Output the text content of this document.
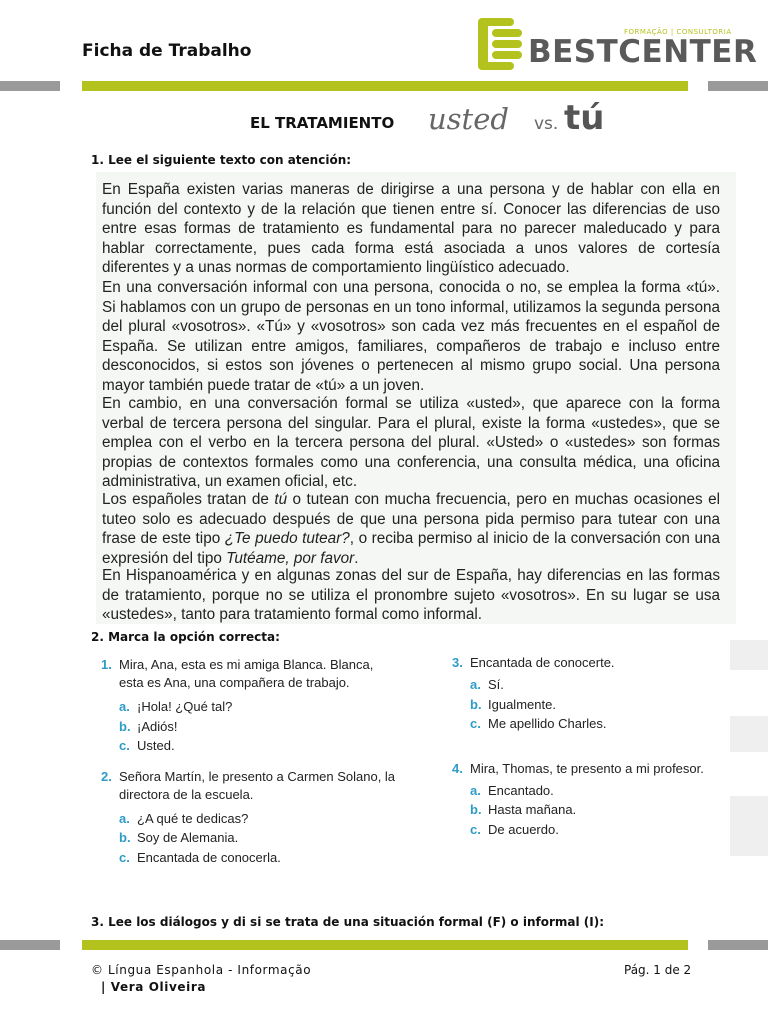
Ficha de Trabalho
FORMAÇÃO | CONSULTORIA
BESTCENTER
EL TRATAMIENTO usted vs. tú
1. Lee el siguiente texto con atención:

En España existen varias maneras de dirigirse a una persona y de hablar con ella en función del contexto y de la relación que tienen entre sí. Conocer las diferencias de uso entre esas formas de tratamiento es fundamental para no parecer maleducado y para hablar correctamente, pues cada forma está asociada a unos valores de cortesía diferentes y a unas normas de comportamiento lingüístico adecuado.

En una conversación informal con una persona, conocida o no, se emplea la forma «tú». Si hablamos con un grupo de personas en un tono informal, utilizamos la segunda persona del plural «vosotros». «Tú» y «vosotros» son cada vez más frecuentes en el español de España. Se utilizan entre amigos, familiares, compañeros de trabajo e incluso entre desconocidos, si estos son jóvenes o pertenecen al mismo grupo social. Una persona mayor también puede tratar de «tú» a un joven.

En cambio, en una conversación formal se utiliza «usted», que aparece con la forma verbal de tercera persona del singular. Para el plural, existe la forma «ustedes», que se emplea con el verbo en la tercera persona del plural. «Usted» o «ustedes» son formas propias de contextos formales como una conferencia, una consulta médica, una oficina administrativa, un examen oficial, etc.

Los españoles tratan de tú o tutean con mucha frecuencia, pero en muchas ocasiones el tuteo solo es adecuado después de que una persona pida permiso para tutear con una frase de este tipo ¿Te puedo tutear?, o reciba permiso al inicio de la conversación con una expresión del tipo Tutéame, por favor.

En Hispanoamérica y en algunas zonas del sur de España, hay diferencias en las formas de tratamiento, porque no se utiliza el pronombre sujeto «vosotros». En su lugar se usa «ustedes», tanto para tratamiento formal como informal.

2. Marca la opción correcta:
1. Mira, Ana, esta es mi amiga Blanca. Blanca, esta es Ana, una compañera de trabajo.
a. ¡Hola! ¿Qué tal?
b. ¡Adiós!
c. Usted.
2. Señora Martín, le presento a Carmen Solano, la directora de la escuela.
a. ¿A qué te dedicas?
b. Soy de Alemania.
c. Encantada de conocerla.
3. Encantada de conocerte.
a. Sí.
b. Igualmente.
c. Me apellido Charles.
4. Mira, Thomas, te presento a mi profesor.
a. Encantado.
b. Hasta mañana.
c. De acuerdo.
3. Lee los diálogos y di si se trata de una situación formal (F) o informal (I):
© Língua Espanhola - Informação
| Vera Oliveira
Pág. 1 de 2
